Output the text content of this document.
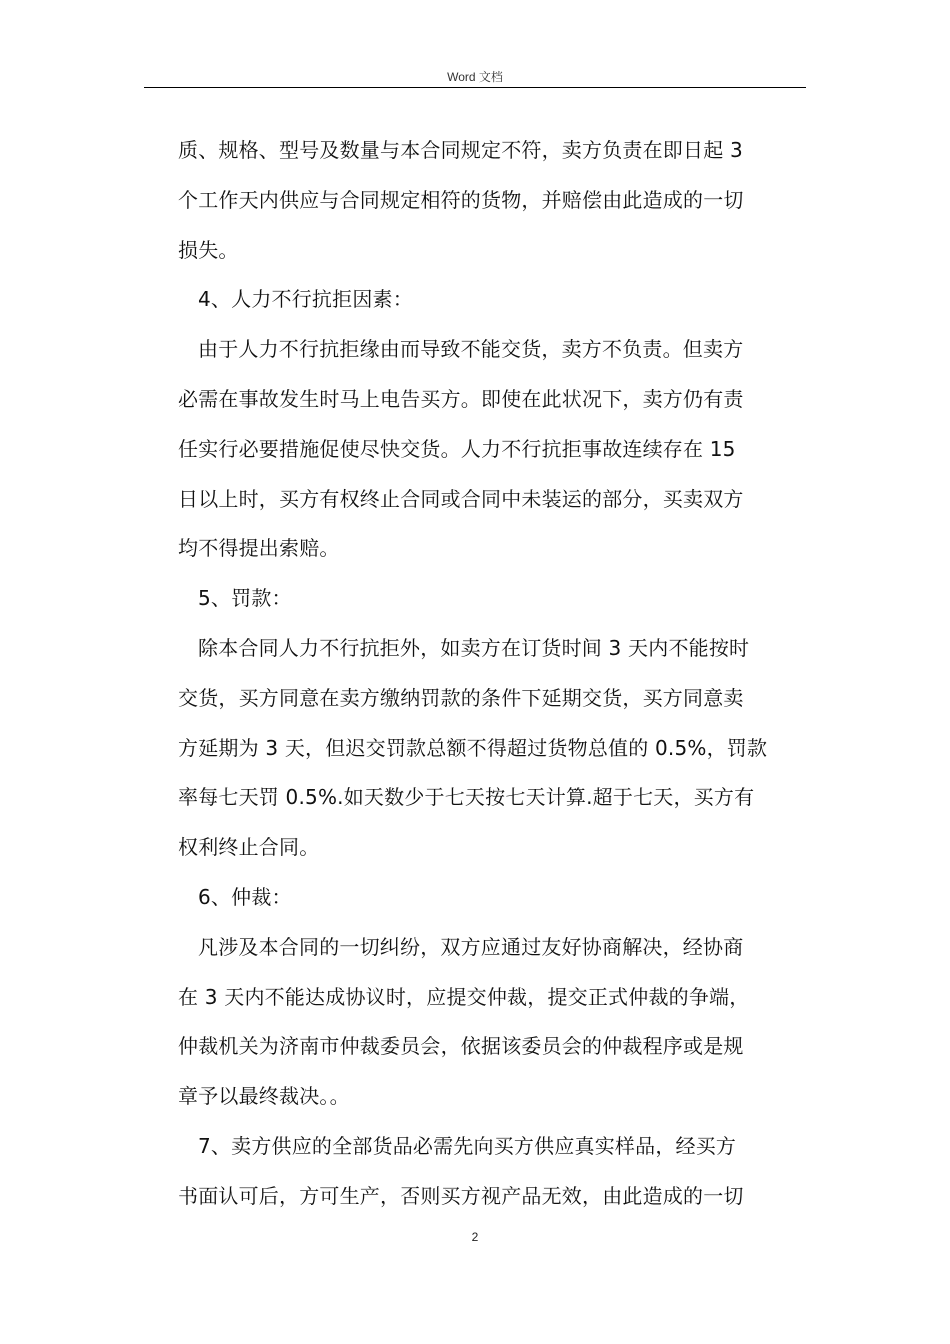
Word 文档
质、规格、型号及数量与本合同规定不符，卖方负责在即日起 3
个工作天内供应与合同规定相符的货物，并赔偿由此造成的一切
损失。
4、人力不行抗拒因素：
由于人力不行抗拒缘由而导致不能交货，卖方不负责。但卖方
必需在事故发生时马上电告买方。即使在此状况下，卖方仍有责
任实行必要措施促使尽快交货。人力不行抗拒事故连续存在 15
日以上时，买方有权终止合同或合同中未装运的部分，买卖双方
均不得提出索赔。
5、罚款：
除本合同人力不行抗拒外，如卖方在订货时间 3 天内不能按时
交货，买方同意在卖方缴纳罚款的条件下延期交货，买方同意卖
方延期为 3 天，但迟交罚款总额不得超过货物总值的 0.5%，罚款
率每七天罚 0.5%.如天数少于七天按七天计算.超于七天，买方有
权利终止合同。
6、仲裁：
凡涉及本合同的一切纠纷，双方应通过友好协商解决，经协商
在 3 天内不能达成协议时，应提交仲裁，提交正式仲裁的争端，
仲裁机关为济南市仲裁委员会，依据该委员会的仲裁程序或是规
章予以最终裁决。。
7、卖方供应的全部货品必需先向买方供应真实样品，经买方
书面认可后，方可生产，否则买方视产品无效，由此造成的一切
2
